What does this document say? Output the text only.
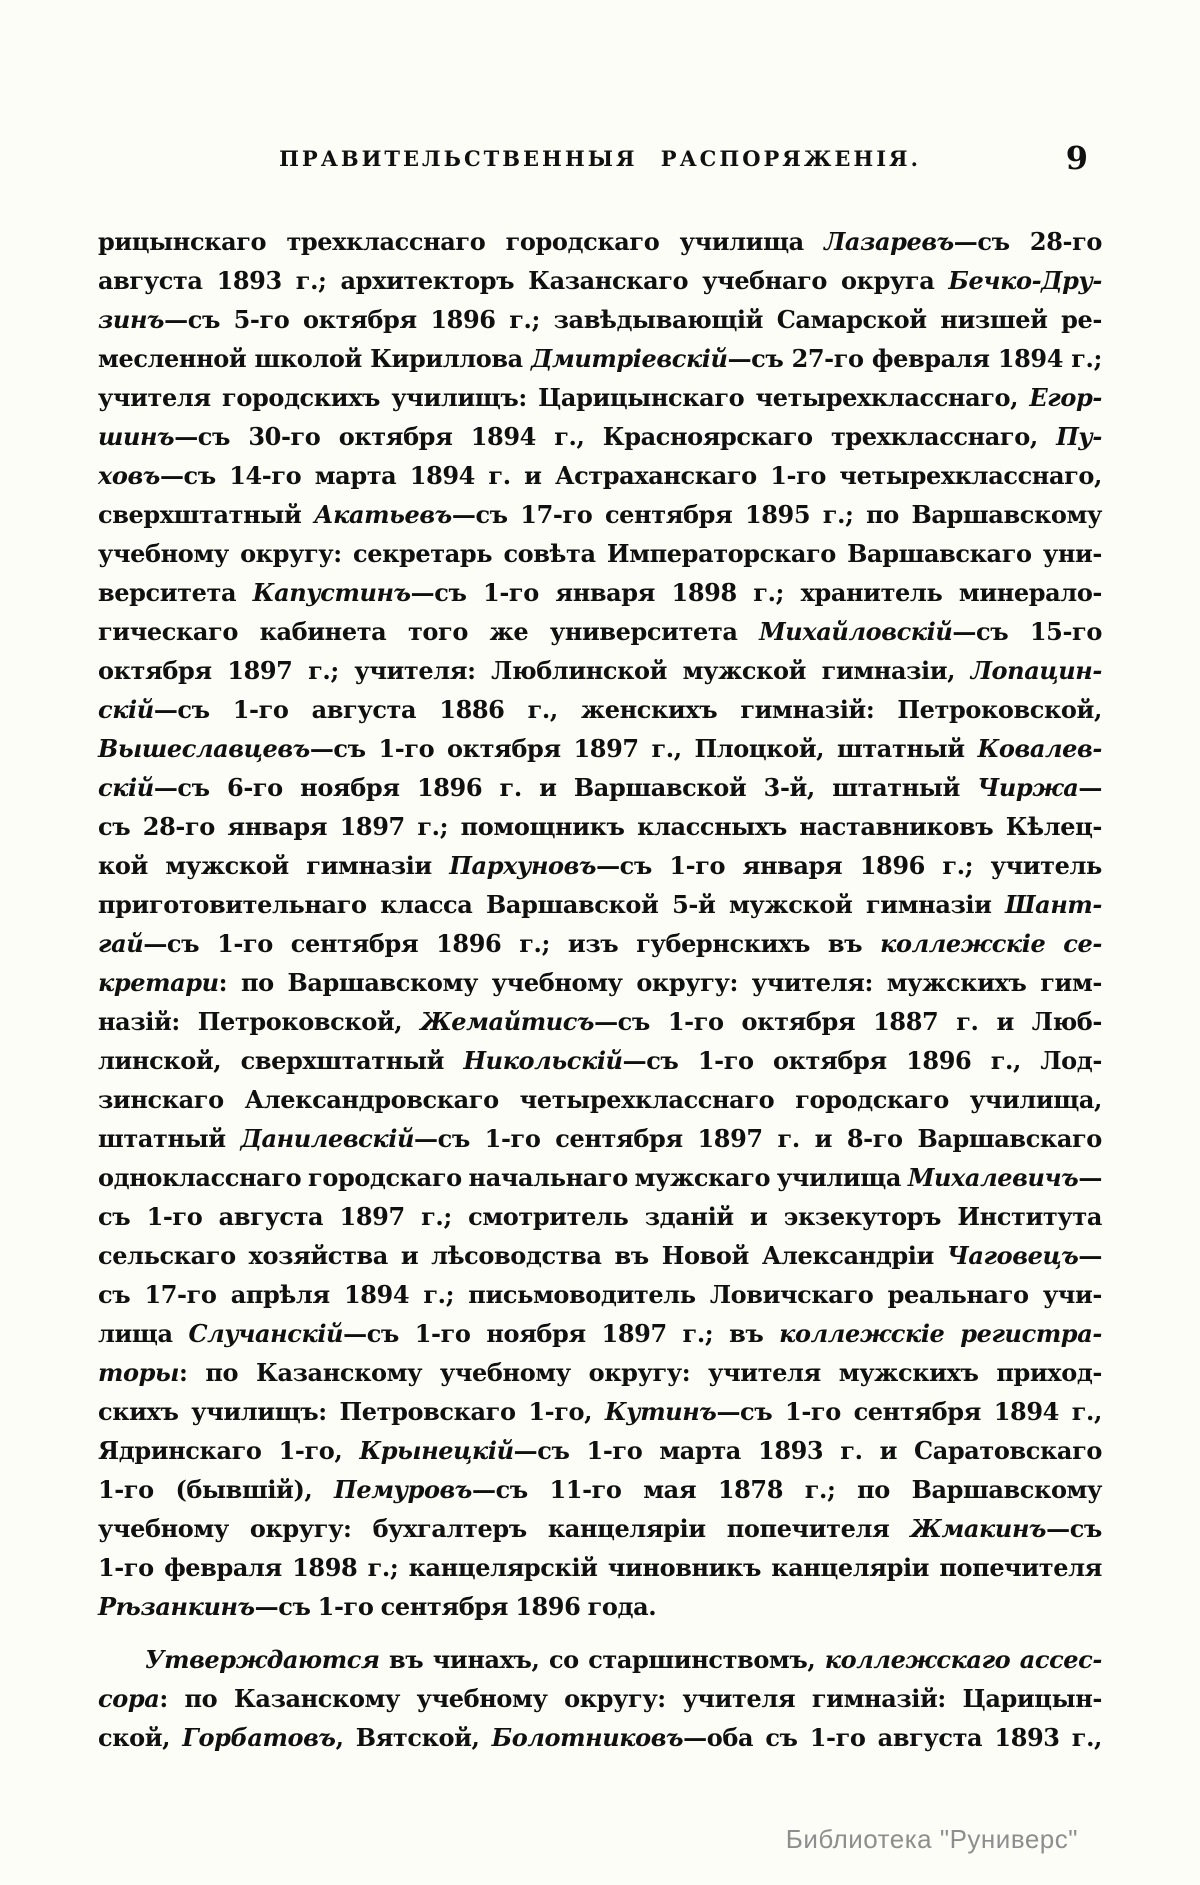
ПРАВИТЕЛЬСТВЕННЫЯ РАСПОРЯЖЕНІЯ.	9
рицынскаго трехкласснаго городскаго училища Лазаревъ—съ 28-го
августа 1893 г.; архитекторъ Казанскаго учебнаго округа Бечко-Дру-
зинъ—съ 5-го октября 1896 г.; завѣдывающій Самарской низшей ре-
месленной школой Кириллова Дмитріевскій—съ 27-го февраля 1894 г.;
учителя городскихъ училищъ: Царицынскаго четырехкласснаго, Егор-
шинъ—съ 30-го октября 1894 г., Красноярскаго трехкласснаго, Пу-
ховъ—съ 14-го марта 1894 г. и Астраханскаго 1-го четырехкласснаго,
сверхштатный Акатьевъ—съ 17-го сентября 1895 г.; по Варшавскому
учебному округу: секретарь совѣта Императорскаго Варшавскаго уни-
верситета Капустинъ—съ 1-го января 1898 г.; хранитель минерало-
гическаго кабинета того же университета Михайловскій—съ 15-го
октября 1897 г.; учителя: Люблинской мужской гимназіи, Лопацин-
скій—съ 1-го августа 1886 г., женскихъ гимназій: Петроковской,
Вышеславцевъ—съ 1-го октября 1897 г., Плоцкой, штатный Ковалев-
скій—съ 6-го ноября 1896 г. и Варшавской 3-й, штатный Чиржа—
съ 28-го января 1897 г.; помощникъ классныхъ наставниковъ Кѣлец-
кой мужской гимназіи Пархуновъ—съ 1-го января 1896 г.; учитель
приготовительнаго класса Варшавской 5-й мужской гимназіи Шант-
гай—съ 1-го сентября 1896 г.; изъ губернскихъ въ коллежскіе се-
кретари: по Варшавскому учебному округу: учителя: мужскихъ гим-
назій: Петроковской, Жемайтисъ—съ 1-го октября 1887 г. и Люб-
линской, сверхштатный Никольскій—съ 1-го октября 1896 г., Лод-
зинскаго Александровскаго четырехкласснаго городскаго училища,
штатный Данилевскій—съ 1-го сентября 1897 г. и 8-го Варшавскаго
однокласснаго городскаго начальнаго мужскаго училища Михалевичъ—
съ 1-го августа 1897 г.; смотритель зданій и экзекуторъ Института
сельскаго хозяйства и лѣсоводства въ Новой Александріи Чаговецъ—
съ 17-го апрѣля 1894 г.; письмоводитель Ловичскаго реальнаго учи-
лища Случанскій—съ 1-го ноября 1897 г.; въ коллежскіе регистра-
торы: по Казанскому учебному округу: учителя мужскихъ приход-
скихъ училищъ: Петровскаго 1-го, Кутинъ—съ 1-го сентября 1894 г.,
Ядринскаго 1-го, Крынецкій—съ 1-го марта 1893 г. и Саратовскаго
1-го (бывшій), Пемуровъ—съ 11-го мая 1878 г.; по Варшавскому
учебному округу: бухгалтеръ канцеляріи попечителя Жмакинъ—съ
1-го февраля 1898 г.; канцелярскій чиновникъ канцеляріи попечителя
Рѣзанкинъ—съ 1-го сентября 1896 года.
Утверждаются въ чинахъ, со старшинствомъ, коллежскаго ассес-
сора: по Казанскому учебному округу: учителя гимназій: Царицын-
ской, Горбатовъ, Вятской, Болотниковъ—оба съ 1-го августа 1893 г.,
Библиотека "Руниверс"
